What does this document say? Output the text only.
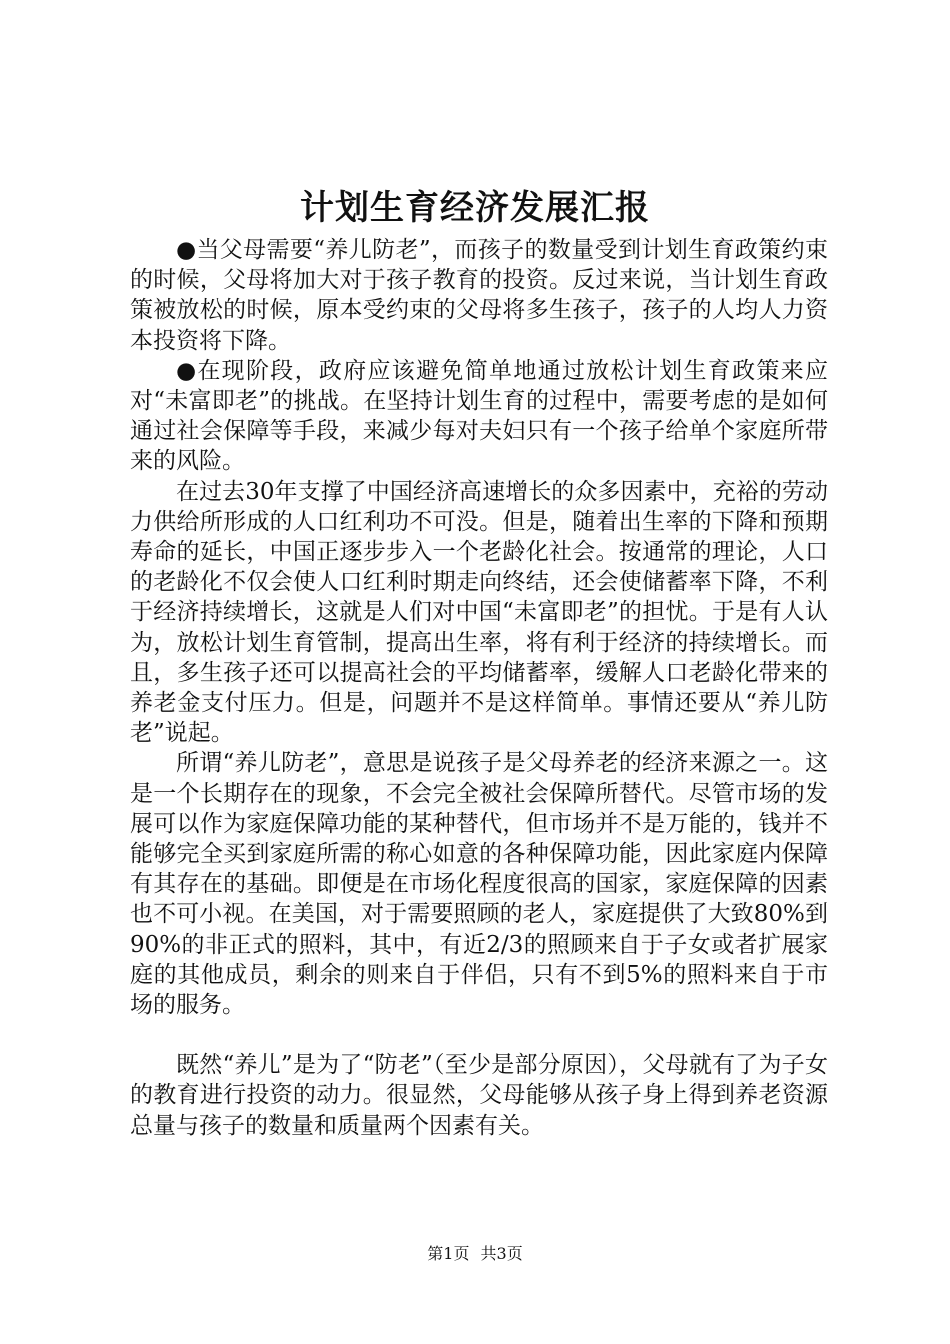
计划生育经济发展汇报

●当父母需要“养儿防老”，而孩子的数量受到计划生育政策约束的时候，父母将加大对于孩子教育的投资。反过来说，当计划生育政策被放松的时候，原本受约束的父母将多生孩子，孩子的人均人力资本投资将下降。

●在现阶段，政府应该避免简单地通过放松计划生育政策来应对“未富即老”的挑战。在坚持计划生育的过程中，需要考虑的是如何通过社会保障等手段，来减少每对夫妇只有一个孩子给单个家庭所带来的风险。

在过去30年支撑了中国经济高速增长的众多因素中，充裕的劳动力供给所形成的人口红利功不可没。但是，随着出生率的下降和预期寿命的延长，中国正逐步步入一个老龄化社会。按通常的理论，人口的老龄化不仅会使人口红利时期走向终结，还会使储蓄率下降，不利于经济持续增长，这就是人们对中国“未富即老”的担忧。于是有人认为，放松计划生育管制，提高出生率，将有利于经济的持续增长。而且，多生孩子还可以提高社会的平均储蓄率，缓解人口老龄化带来的养老金支付压力。但是，问题并不是这样简单。事情还要从“养儿防老”说起。

所谓“养儿防老”，意思是说孩子是父母养老的经济来源之一。这是一个长期存在的现象，不会完全被社会保障所替代。尽管市场的发展可以作为家庭保障功能的某种替代，但市场并不是万能的，钱并不能够完全买到家庭所需的称心如意的各种保障功能，因此家庭内保障有其存在的基础。即便是在市场化程度很高的国家，家庭保障的因素也不可小视。在美国，对于需要照顾的老人，家庭提供了大致80%到90%的非正式的照料，其中，有近2/3的照顾来自于子女或者扩展家庭的其他成员，剩余的则来自于伴侣，只有不到5%的照料来自于市场的服务。

既然“养儿”是为了“防老”（至少是部分原因），父母就有了为子女的教育进行投资的动力。很显然，父母能够从孩子身上得到养老资源总量与孩子的数量和质量两个因素有关。

第1页 共3页
